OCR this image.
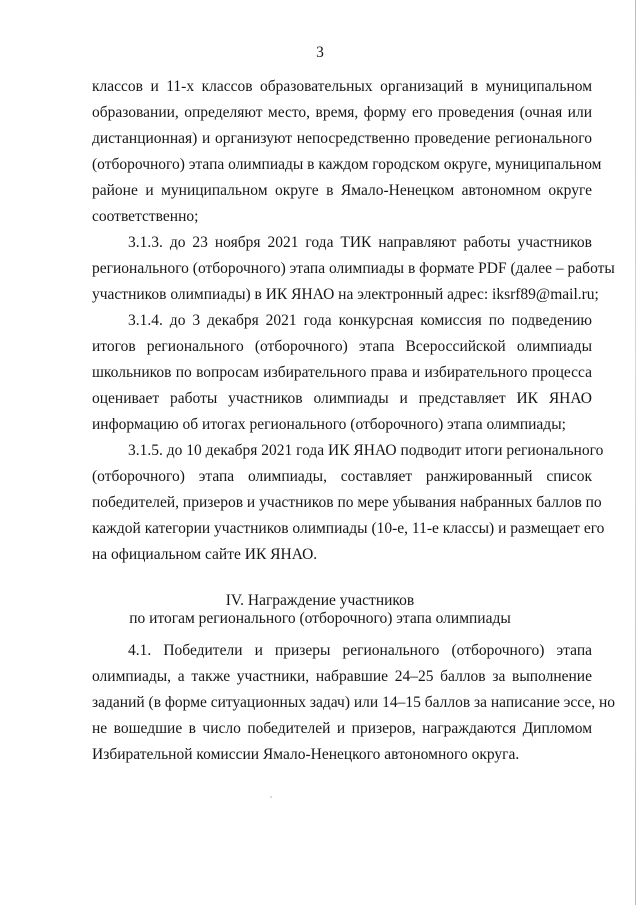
3
классов и 11-х классов образовательных организаций в муниципальном
образовании, определяют место, время, форму его проведения (очная или
дистанционная) и организуют непосредственно проведение регионального
(отборочного) этапа олимпиады в каждом городском округе, муниципальном
районе и муниципальном округе в Ямало-Ненецком автономном округе
соответственно;
3.1.3. до 23 ноября 2021 года ТИК направляют работы участников
регионального (отборочного) этапа олимпиады в формате PDF (далее – работы
участников олимпиады) в ИК ЯНАО на электронный адрес: iksrf89@mail.ru;
3.1.4. до 3 декабря 2021 года конкурсная комиссия по подведению
итогов регионального (отборочного) этапа Всероссийской олимпиады
школьников по вопросам избирательного права и избирательного процесса
оценивает работы участников олимпиады и представляет ИК ЯНАО
информацию об итогах регионального (отборочного) этапа олимпиады;
3.1.5. до 10 декабря 2021 года ИК ЯНАО подводит итоги регионального
(отборочного) этапа олимпиады, составляет ранжированный список
победителей, призеров и участников по мере убывания набранных баллов по
каждой категории участников олимпиады (10-е, 11-е классы) и размещает его
на официальном сайте ИК ЯНАО.
IV. Награждение участников
по итогам регионального (отборочного) этапа олимпиады
4.1. Победители и призеры регионального (отборочного) этапа
олимпиады, а также участники, набравшие 24–25 баллов за выполнение
заданий (в форме ситуационных задач) или 14–15 баллов за написание эссе, но
не вошедшие в число победителей и призеров, награждаются Дипломом
Избирательной комиссии Ямало-Ненецкого автономного округа.
